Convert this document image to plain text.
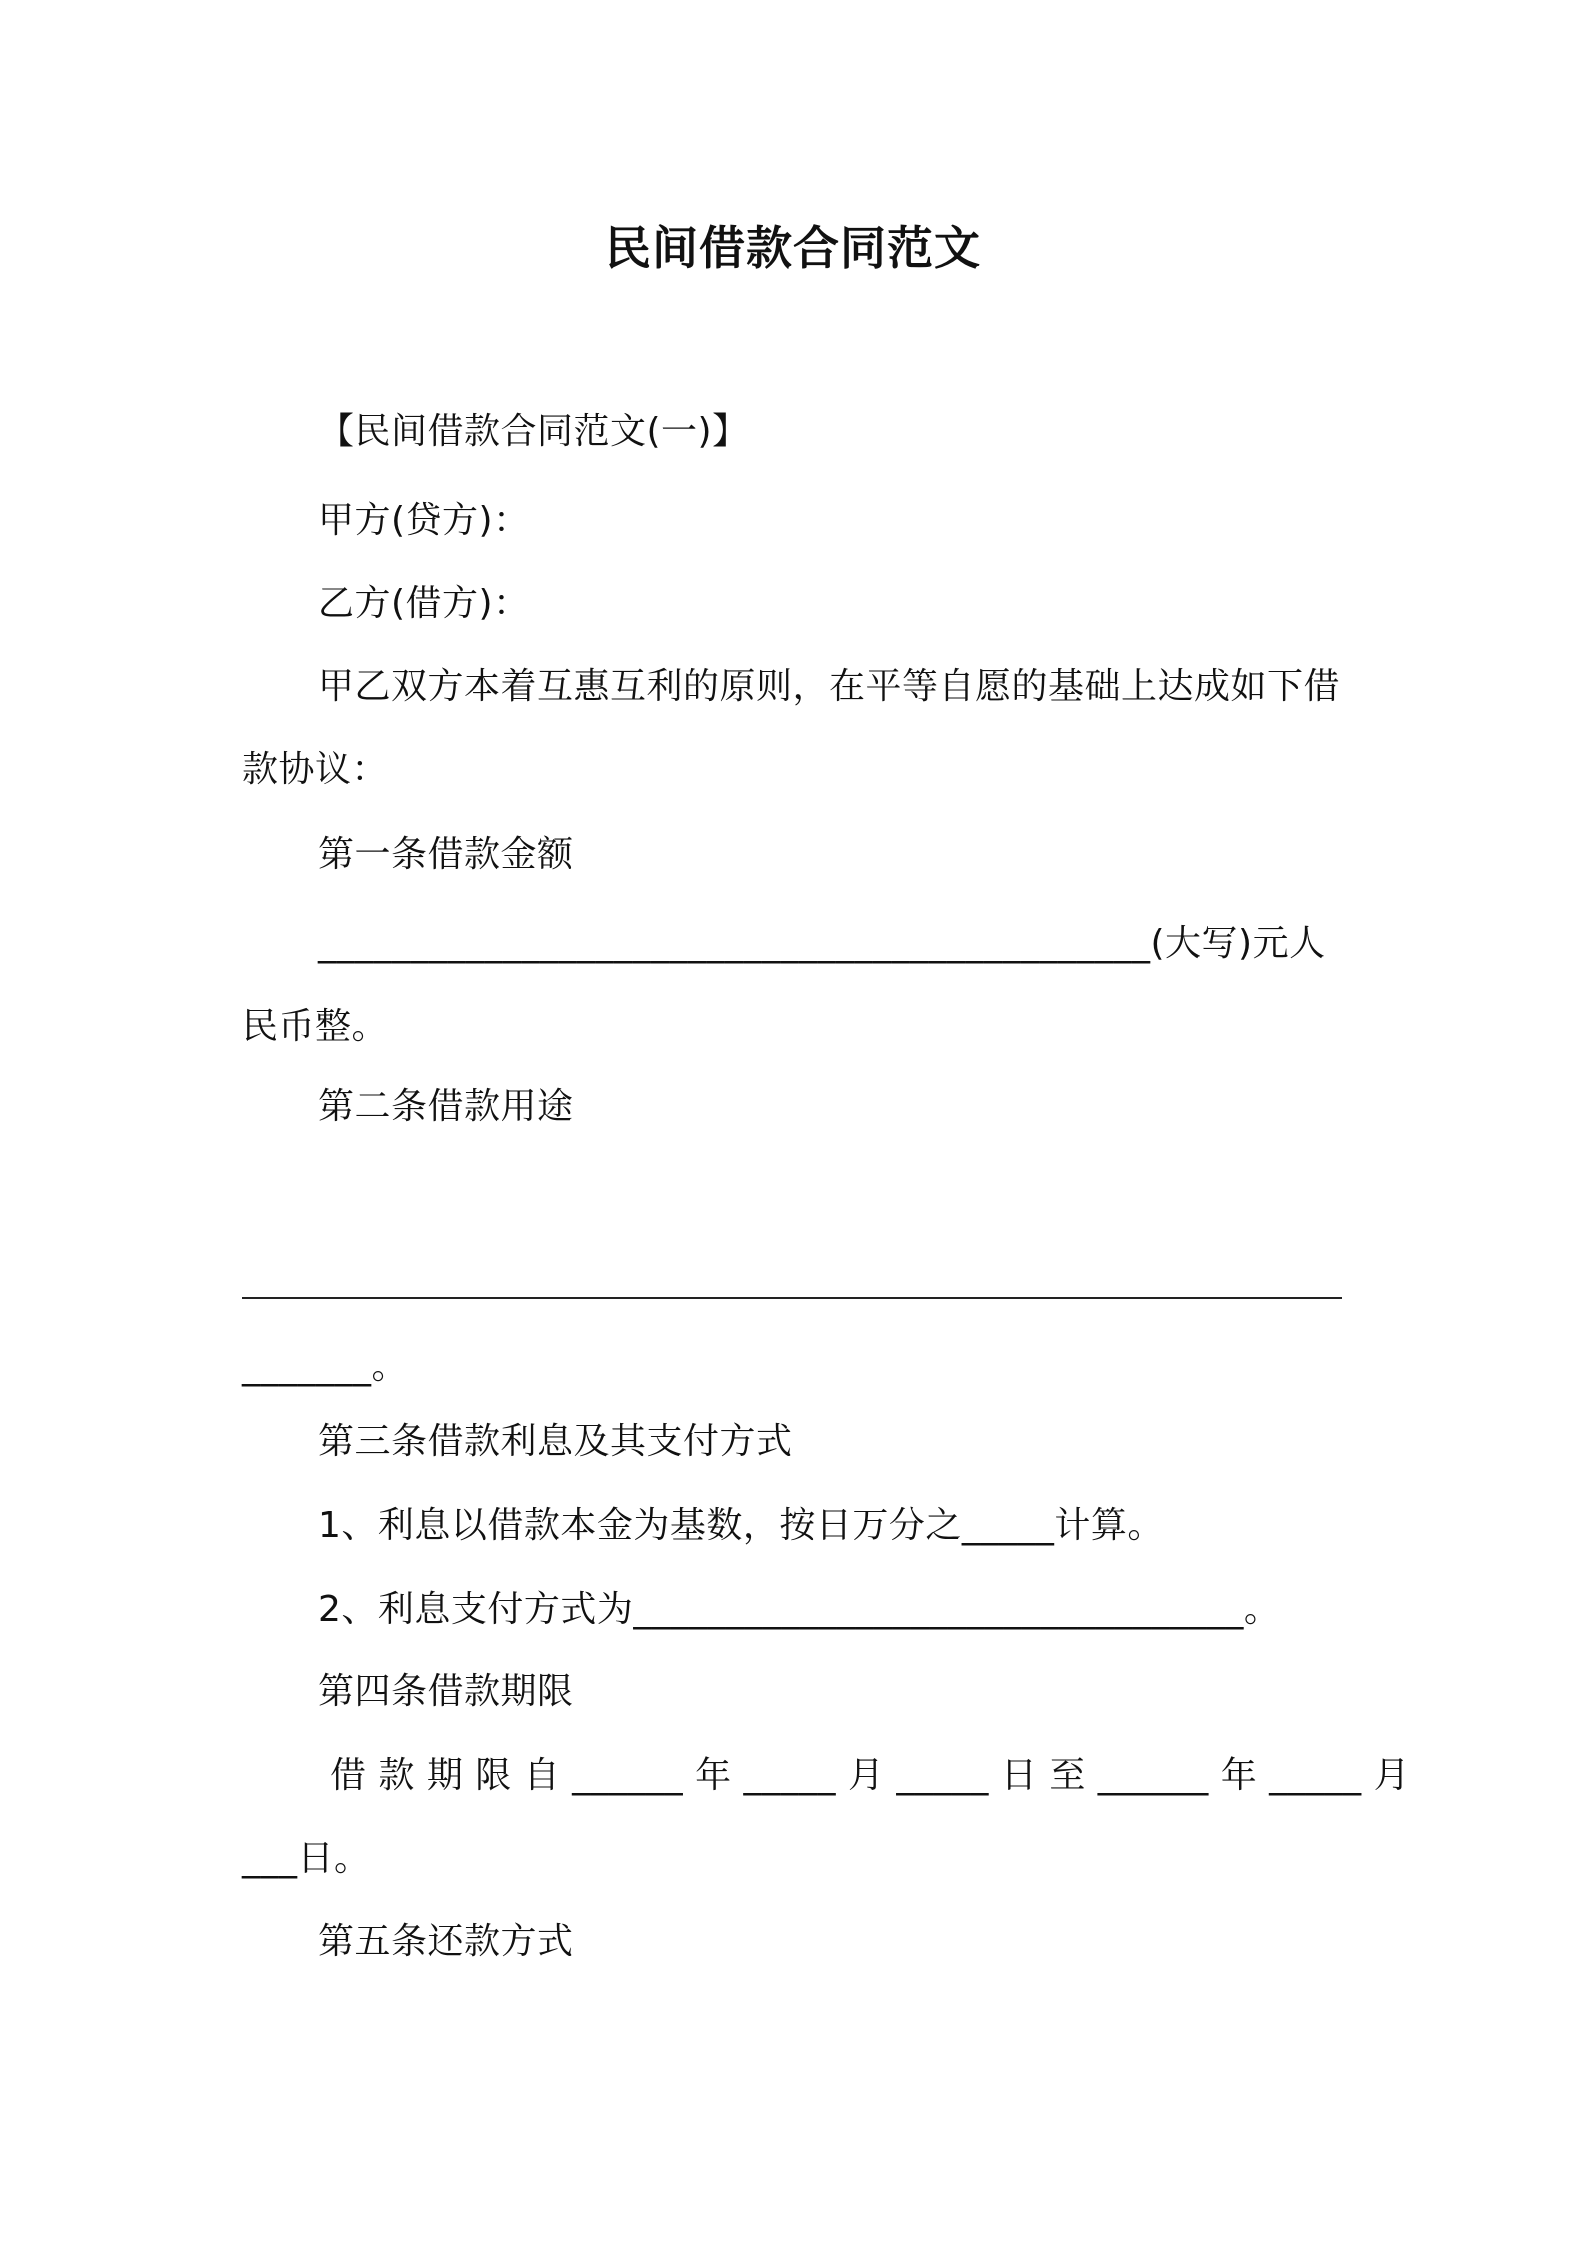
民间借款合同范文
【民间借款合同范文(一)】
甲方(贷方)：
乙方(借方)：
甲乙双方本着互惠互利的原则，在平等自愿的基础上达成如下借
款协议：
第一条借款金额
_____________________________________________(大写)元人
民币整。
第二条借款用途
_______。
第三条借款利息及其支付方式
1、利息以借款本金为基数，按日万分之_____计算。
2、利息支付方式为_________________________________。
第四条借款期限
借 款 期 限 自 ______ 年 _____ 月 _____ 日 至 ______ 年 _____ 月
___日。
第五条还款方式
